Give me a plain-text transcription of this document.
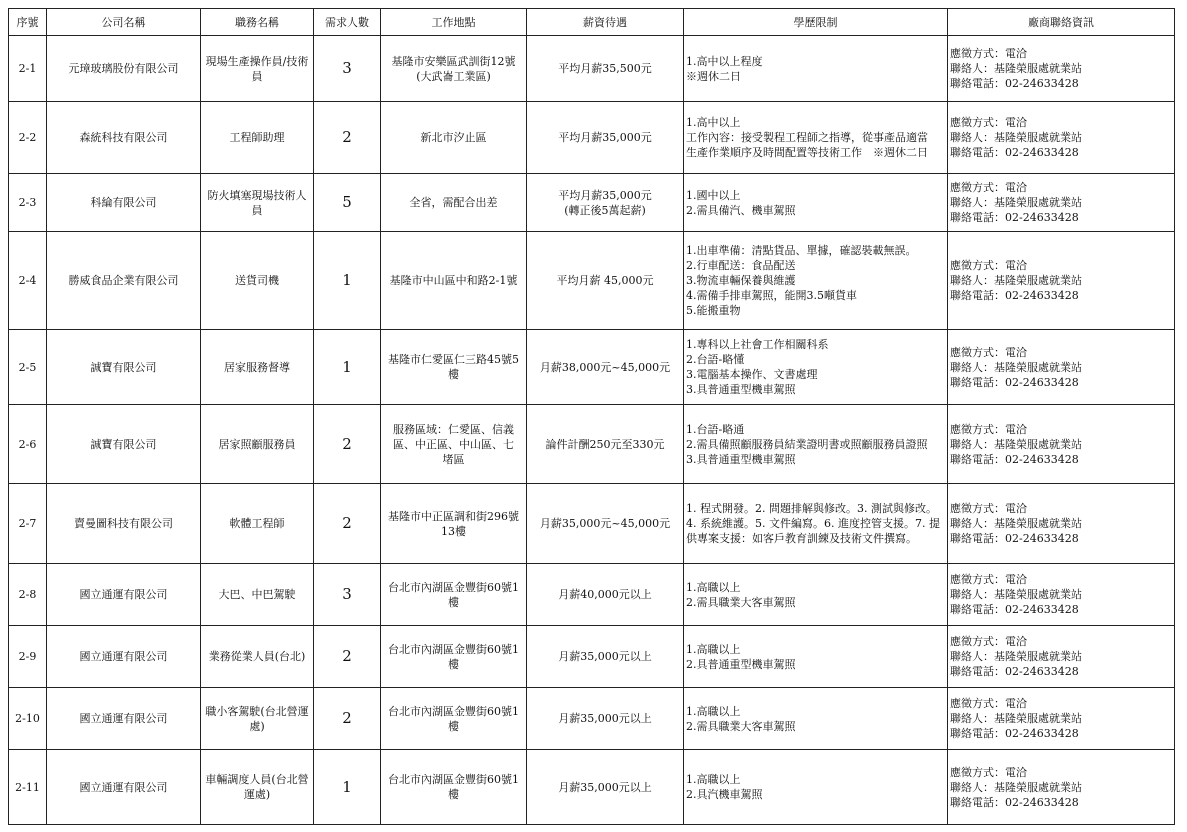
序號	公司名稱	職務名稱	需求人數	工作地點	薪資待遇	學歷限制	廠商聯絡資訊
2-1	元璋玻璃股份有限公司	現場生產操作員/技術員	3	基隆市安樂區武訓街12號
(大武崙工業區)	平均月薪35,500元	1.高中以上程度
※週休二日	應徵方式：電洽
聯絡人：基隆榮服處就業站
聯絡電話：02-24633428

2-2	森統科技有限公司	工程師助理	2	新北市汐止區	平均月薪35,000元	1.高中以上
工作內容：接受製程工程師之指導，從事產品適當
生產作業順序及時間配置等技術工作　※週休二日	應徵方式：電洽
聯絡人：基隆榮服處就業站
聯絡電話：02-24633428

2-3	科綸有限公司	防火填塞現場技術人員	5	全省，需配合出差	平均月薪35,000元
(轉正後5萬起薪)	1.國中以上
2.需具備汽、機車駕照	應徵方式：電洽
聯絡人：基隆榮服處就業站
聯絡電話：02-24633428

2-4	勝威食品企業有限公司	送貨司機	1	基隆市中山區中和路2-1號	平均月薪 45,000元	1.出車準備：清點貨品、單據，確認裝載無誤。
2.行車配送：食品配送
3.物流車輛保養與維護
4.需備手排車駕照，能開3.5噸貨車
5.能搬重物	應徵方式：電洽
聯絡人：基隆榮服處就業站
聯絡電話：02-24633428

2-5	誠寶有限公司	居家服務督導	1	基隆市仁愛區仁三路45號5
樓	月薪38,000元~45,000元	1.專科以上社會工作相關科系
2.台語-略懂
3.電腦基本操作、文書處理
3.具普通重型機車駕照	應徵方式：電洽
聯絡人：基隆榮服處就業站
聯絡電話：02-24633428

2-6	誠寶有限公司	居家照顧服務員	2	服務區域：仁愛區、信義
區、中正區、中山區、七
堵區	論件計酬250元至330元	1.台語-略通
2.需具備照顧服務員結業證明書或照顧服務員證照
3.具普通重型機車駕照	應徵方式：電洽
聯絡人：基隆榮服處就業站
聯絡電話：02-24633428

2-7	賣曼圖科技有限公司	軟體工程師	2	基隆市中正區調和街296號
13樓	月薪35,000元~45,000元	1. 程式開發。2. 問題排解與修改。3. 測試與修改。
4. 系統維護。5. 文件編寫。6. 進度控管支援。7. 提
供專案支援：如客戶教育訓練及技術文件撰寫。	應徵方式：電洽
聯絡人：基隆榮服處就業站
聯絡電話：02-24633428

2-8	國立通運有限公司	大巴、中巴駕駛	3	台北市內湖區金豐街60號1
樓	月薪40,000元以上	1.高職以上
2.需具職業大客車駕照	應徵方式：電洽
聯絡人：基隆榮服處就業站
聯絡電話：02-24633428

2-9	國立通運有限公司	業務從業人員(台北)	2	台北市內湖區金豐街60號1
樓	月薪35,000元以上	1.高職以上
2.具普通重型機車駕照	應徵方式：電洽
聯絡人：基隆榮服處就業站
聯絡電話：02-24633428

2-10	國立通運有限公司	職小客駕駛(台北營運處)	2	台北市內湖區金豐街60號1
樓	月薪35,000元以上	1.高職以上
2.需具職業大客車駕照	應徵方式：電洽
聯絡人：基隆榮服處就業站
聯絡電話：02-24633428

2-11	國立通運有限公司	車輛調度人員(台北營運處)	1	台北市內湖區金豐街60號1
樓	月薪35,000元以上	1.高職以上
2.具汽機車駕照	應徵方式：電洽
聯絡人：基隆榮服處就業站
聯絡電話：02-24633428
